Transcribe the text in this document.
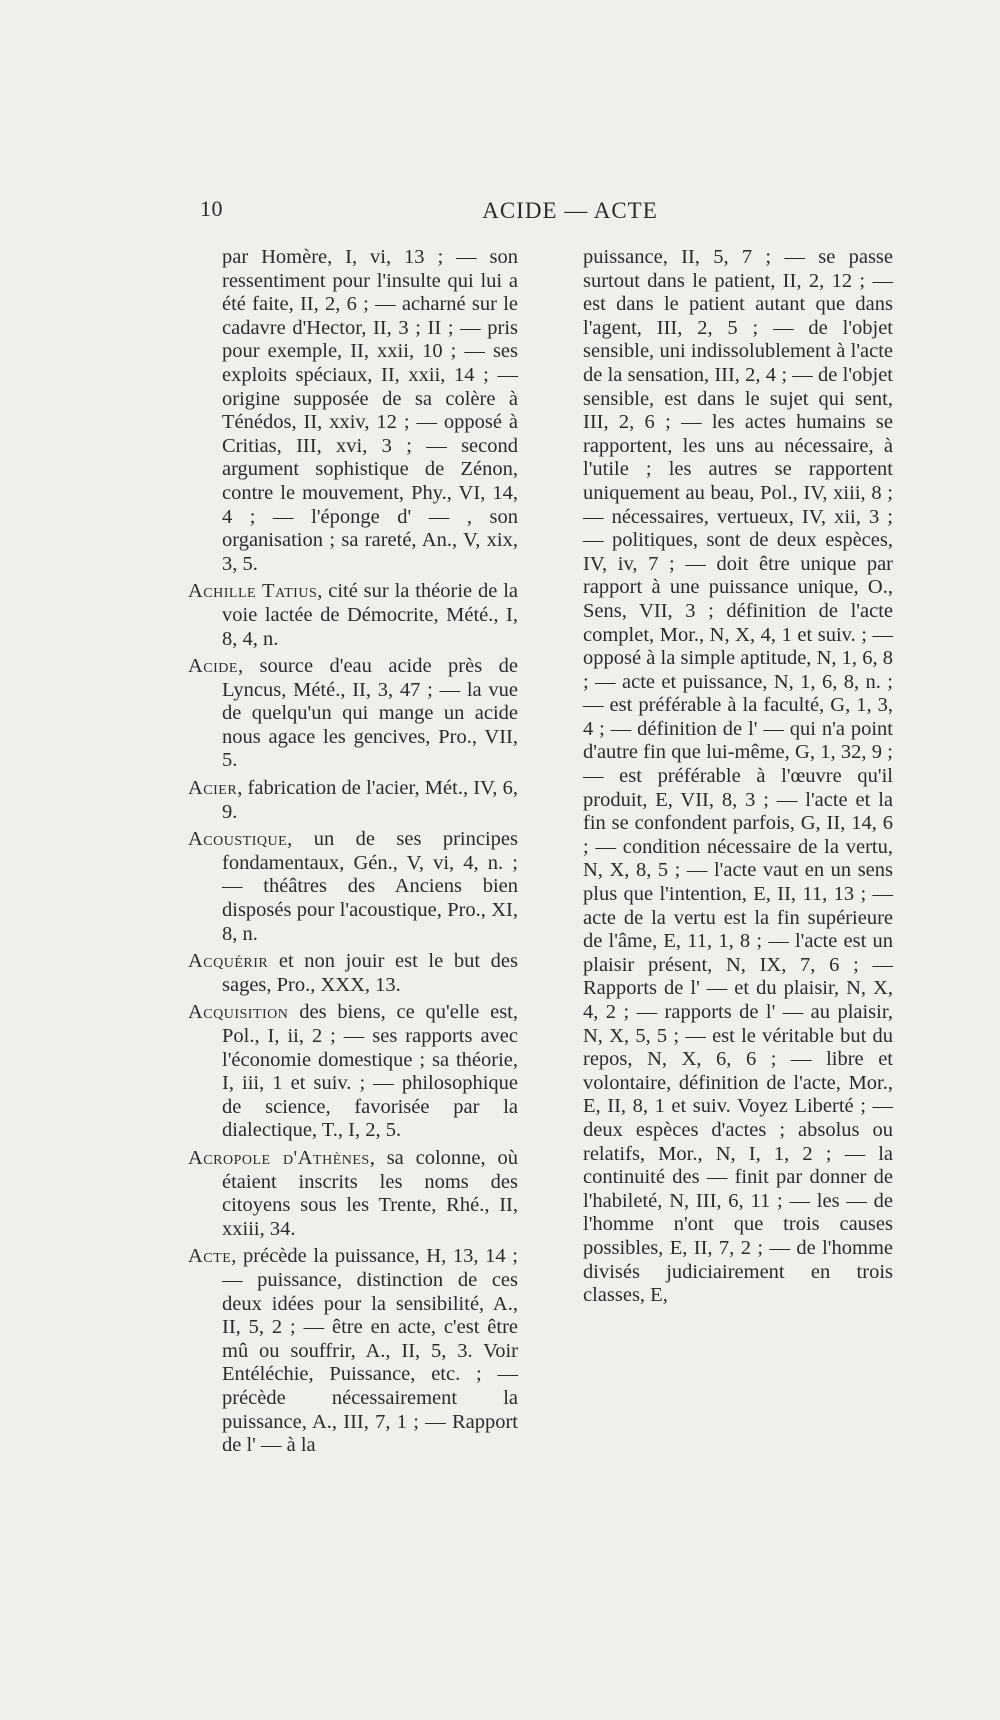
10	ACIDE — ACTE

par Homère, I, vi, 13 ; — son ressentiment pour l'insulte qui lui a été faite, II, 2, 6 ; — acharné sur le cadavre d'Hector, II, 3 ; II ; — pris pour exemple, II, xxii, 10 ; — ses exploits spéciaux, II, xxii, 14 ; — origine supposée de sa colère à Ténédos, II, xxiv, 12 ; — opposé à Critias, III, xvi, 3 ; — second argument sophistique de Zénon, contre le mouvement, Phy., VI, 14, 4 ; — l'éponge d' — , son organisation ; sa rareté, An., V, xix, 3, 5.

Achille Tatius, cité sur la théorie de la voie lactée de Démocrite, Mété., I, 8, 4, n.

Acide, source d'eau acide près de Lyncus, Mété., II, 3, 47 ; — la vue de quelqu'un qui mange un acide nous agace les gencives, Pro., VII, 5.

Acier, fabrication de l'acier, Mét., IV, 6, 9.

Acoustique, un de ses principes fondamentaux, Gén., V, vi, 4, n. ; — théâtres des Anciens bien disposés pour l'acoustique, Pro., XI, 8, n.

Acquérir et non jouir est le but des sages, Pro., XXX, 13.

Acquisition des biens, ce qu'elle est, Pol., I, ii, 2 ; — ses rapports avec l'économie domestique ; sa théorie, I, iii, 1 et suiv. ; — philosophique de science, favorisée par la dialectique, T., I, 2, 5.

Acropole d'Athènes, sa colonne, où étaient inscrits les noms des citoyens sous les Trente, Rhé., II, xxiii, 34.

Acte, précède la puissance, H, 13, 14 ; — puissance, distinction de ces deux idées pour la sensibilité, A., II, 5, 2 ; — être en acte, c'est être mû ou souffrir, A., II, 5, 3. Voir Entéléchie, Puissance, etc. ; — précède nécessairement la puissance, A., III, 7, 1 ; — Rapport de l' — à la

puissance, II, 5, 7 ; — se passe surtout dans le patient, II, 2, 12 ; — est dans le patient autant que dans l'agent, III, 2, 5 ; — de l'objet sensible, uni indissolublement à l'acte de la sensation, III, 2, 4 ; — de l'objet sensible, est dans le sujet qui sent, III, 2, 6 ; — les actes humains se rapportent, les uns au nécessaire, à l'utile ; les autres se rapportent uniquement au beau, Pol., IV, xiii, 8 ; — nécessaires, vertueux, IV, xii, 3 ; — politiques, sont de deux espèces, IV, iv, 7 ; — doit être unique par rapport à une puissance unique, O., Sens, VII, 3 ; définition de l'acte complet, Mor., N, X, 4, 1 et suiv. ; — opposé à la simple aptitude, N, 1, 6, 8 ; — acte et puissance, N, 1, 6, 8, n. ; — est préférable à la faculté, G, 1, 3, 4 ; — définition de l' — qui n'a point d'autre fin que lui-même, G, 1, 32, 9 ; — est préférable à l'œuvre qu'il produit, E, VII, 8, 3 ; — l'acte et la fin se confondent parfois, G, II, 14, 6 ; — condition nécessaire de la vertu, N, X, 8, 5 ; — l'acte vaut en un sens plus que l'intention, E, II, 11, 13 ; — acte de la vertu est la fin supérieure de l'âme, E, 11, 1, 8 ; — l'acte est un plaisir présent, N, IX, 7, 6 ; — Rapports de l' — et du plaisir, N, X, 4, 2 ; — rapports de l' — au plaisir, N, X, 5, 5 ; — est le véritable but du repos, N, X, 6, 6 ; — libre et volontaire, définition de l'acte, Mor., E, II, 8, 1 et suiv. Voyez Liberté ; — deux espèces d'actes ; absolus ou relatifs, Mor., N, I, 1, 2 ; — la continuité des — finit par donner de l'habileté, N, III, 6, 11 ; — les — de l'homme n'ont que trois causes possibles, E, II, 7, 2 ; — de l'homme divisés judiciairement en trois classes, E,
